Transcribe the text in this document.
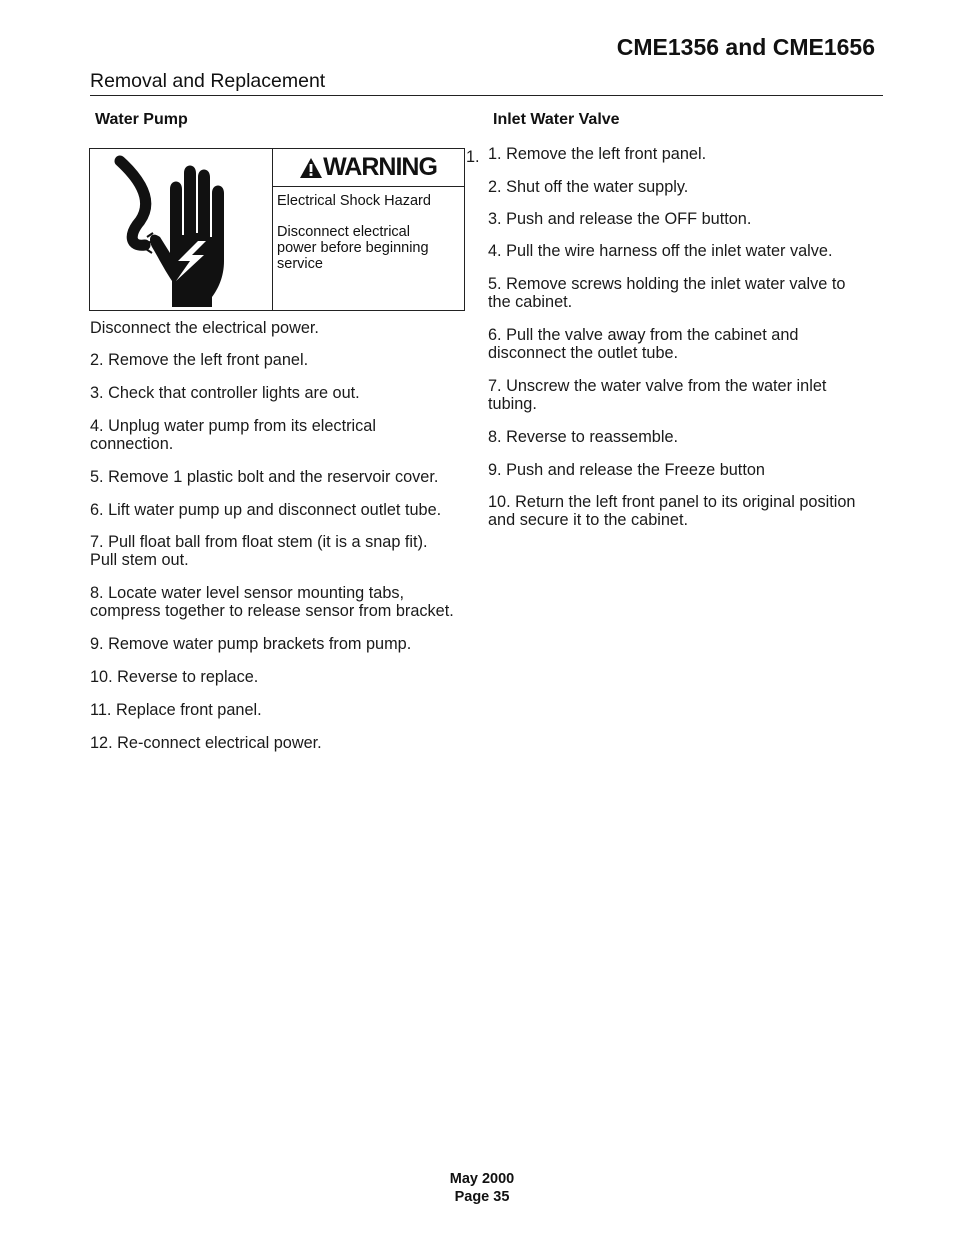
CME1356 and CME1656
Removal and Replacement
Water Pump
WARNING
Electrical Shock Hazard
Disconnect electrical
power before beginning
service
Disconnect the electrical power.
2. Remove the left front panel.
3. Check that controller lights are out.
4. Unplug water pump from its electrical
connection.
5. Remove 1 plastic bolt and the reservoir cover.
6. Lift water pump up and disconnect outlet tube.
7. Pull float ball from float stem (it is a snap fit).
Pull stem out.
8. Locate water level sensor mounting tabs,
compress together to release sensor from bracket.
9. Remove water pump brackets from pump.
10. Reverse to replace.
11. Replace front panel.
12. Re-connect electrical power.
Inlet Water Valve
1. 1. Remove the left front panel.
2. Shut off the water supply.
3. Push and release the OFF button.
4. Pull the wire harness off the inlet water valve.
5. Remove screws holding the inlet water valve to
the cabinet.
6. Pull the valve away from the cabinet and
disconnect the outlet tube.
7. Unscrew the water valve from the water inlet
tubing.
8. Reverse to reassemble.
9. Push and release the Freeze button
10. Return the left front panel to its original position
and secure it to the cabinet.
May 2000
Page 35
